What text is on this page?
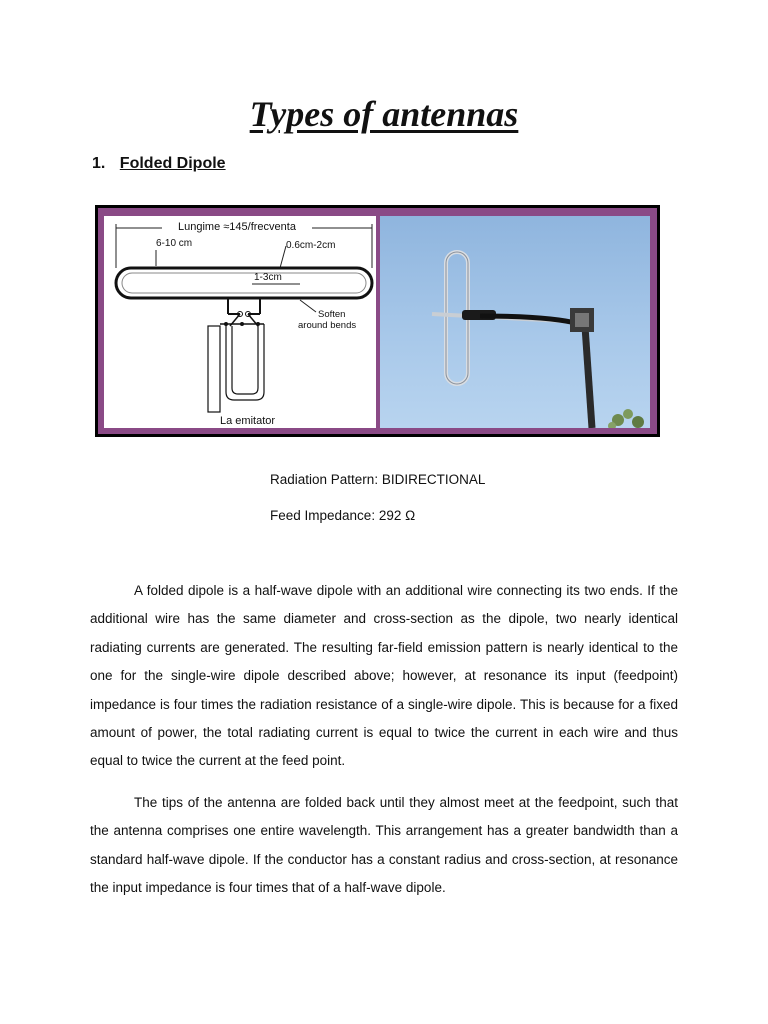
Types of antennas
1. Folded Dipole
Lungime ≈145/frecventa
6-10 cm	0.6cm-2cm
1-3cm
Soften
around bends
La emitator
Radiation Pattern: BIDIRECTIONAL
Feed Impedance: 292 Ω

A folded dipole is a half-wave dipole with an additional wire connecting its two ends. If the additional wire has the same diameter and cross-section as the dipole, two nearly identical radiating currents are generated. The resulting far-field emission pattern is nearly identical to the one for the single-wire dipole described above; however, at resonance its input (feedpoint) impedance is four times the radiation resistance of a single-wire dipole. This is because for a fixed amount of power, the total radiating current is equal to twice the current in each wire and thus equal to twice the current at the feed point.

The tips of the antenna are folded back until they almost meet at the feedpoint, such that the antenna comprises one entire wavelength. This arrangement has a greater bandwidth than a standard half-wave dipole. If the conductor has a constant radius and cross-section, at resonance the input impedance is four times that of a half-wave dipole.
